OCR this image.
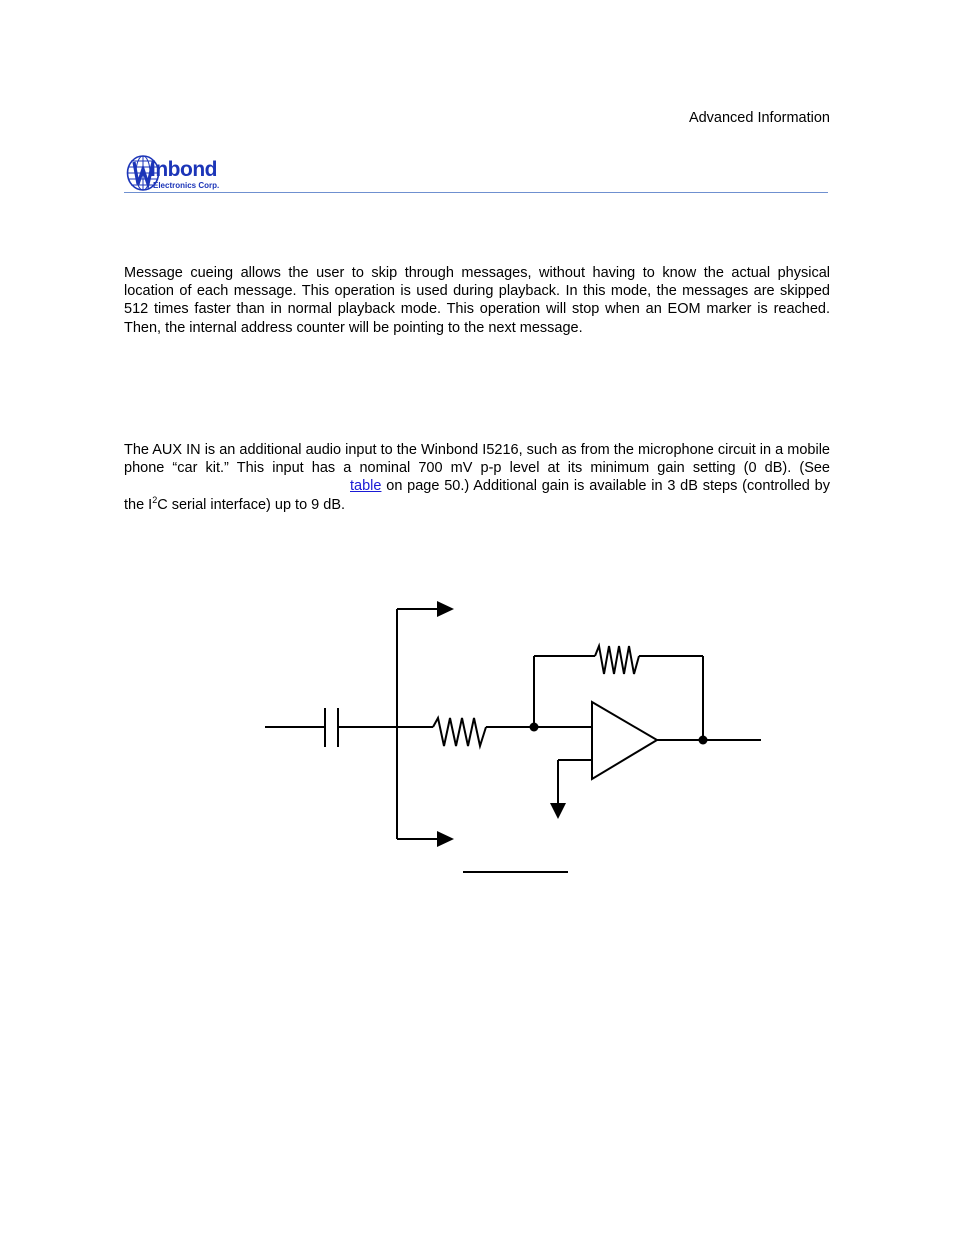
Advanced Information
inbond
Electronics Corp.

Message cueing allows the user to skip through messages, without having to know the actual physical location of each message. This operation is used during playback. In this mode, the messages are skipped 512 times faster than in normal playback mode. This operation will stop when an EOM marker is reached. Then, the internal address counter will be pointing to the next message.

The AUX IN is an additional audio input to the Winbond I5216, such as from the microphone circuit in a mobile phone “car kit.” This input has a nominal 700 mV p-p level at its minimum gain setting (0 dB). (See table on page 50.) Additional gain is available in 3 dB steps (controlled by the $I^2C$ serial interface) up to 9 dB.
